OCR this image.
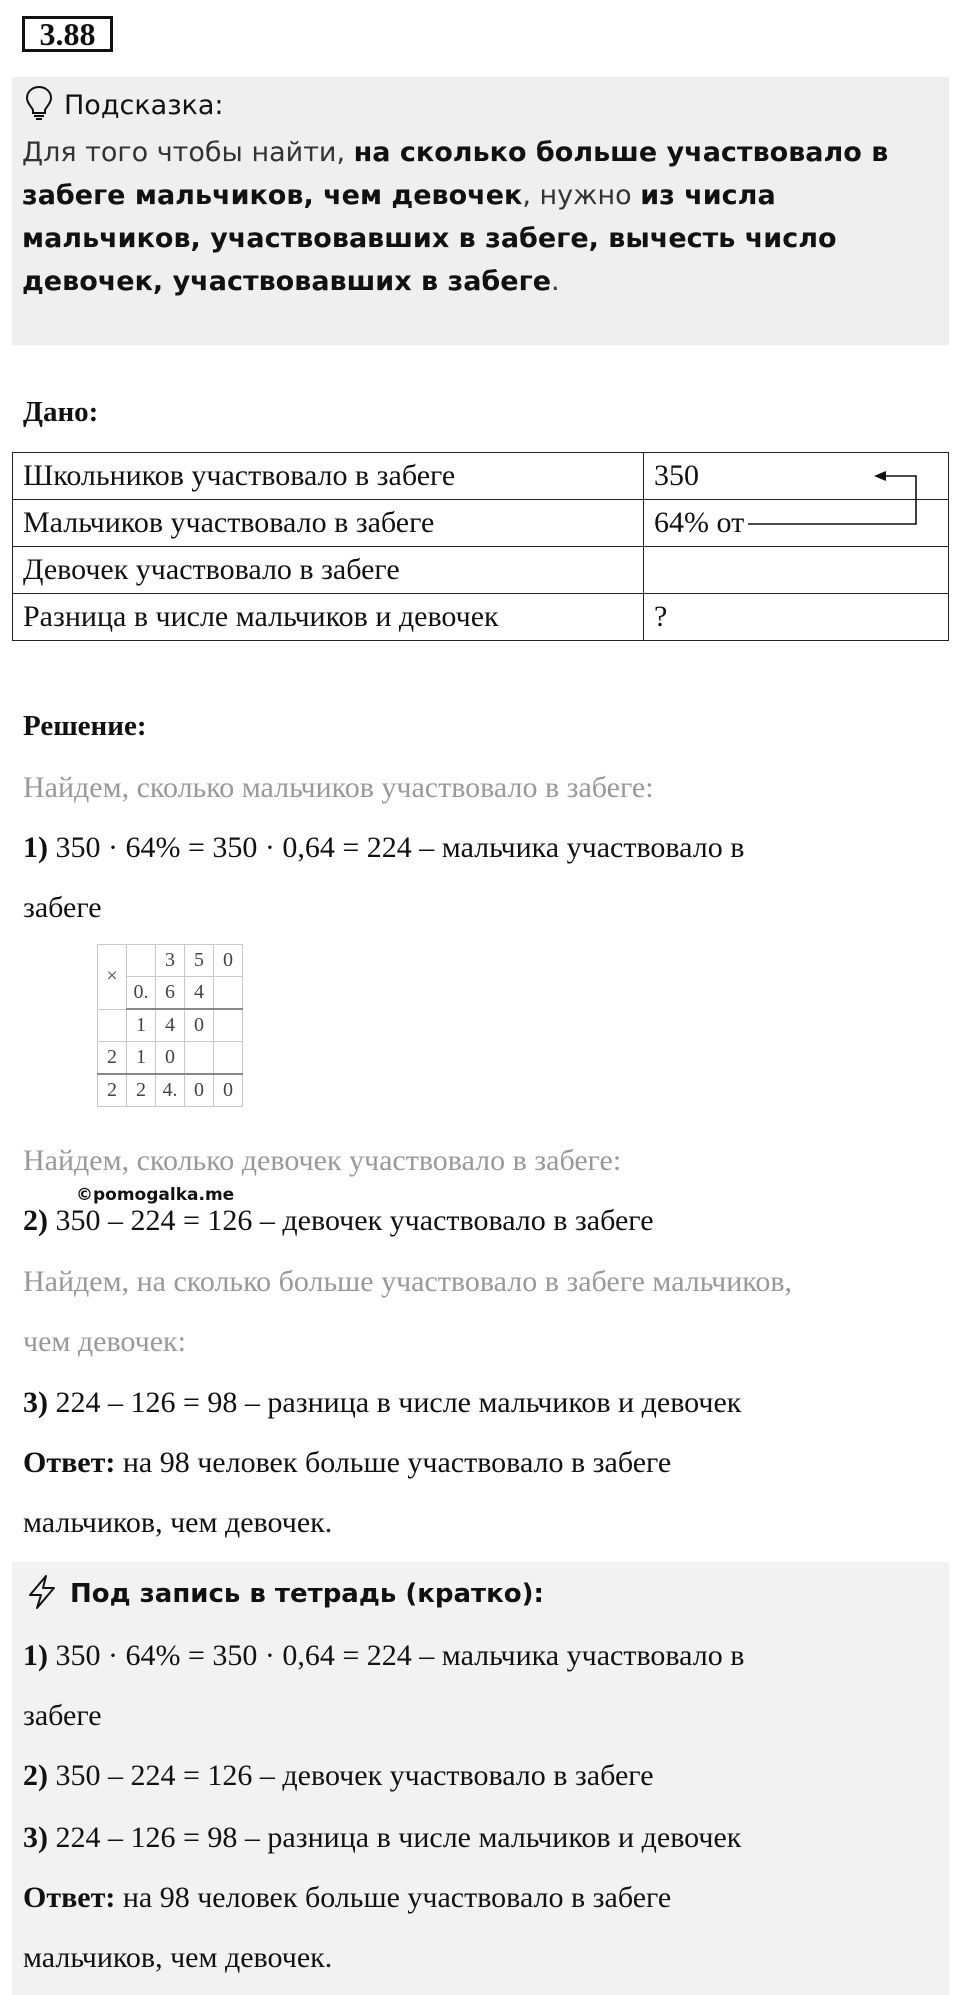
3.88
Подсказка:
Для того чтобы найти, на сколько больше участвовало в забеге мальчиков, чем девочек, нужно из числа мальчиков, участвовавших в забеге, вычесть число девочек, участвовавших в забеге.
Дано:
Школьников участвовало в забеге	350
Мальчиков участвовало в забеге	64% от
Девочек участвовало в забеге	
Разница в числе мальчиков и девочек	?
Решение:
Найдем, сколько мальчиков участвовало в забеге:
1) 350 · 64% = 350 · 0,64 = 224 – мальчика участвовало в
забеге
×		3	5	0
	0.	6	4	
	1	4	0	
2	1	0		
2	2	4.	0	0
Найдем, сколько девочек участвовало в забеге:
©pomogalka.me
2) 350 – 224 = 126 – девочек участвовало в забеге
Найдем, на сколько больше участвовало в забеге мальчиков,
чем девочек:
3) 224 – 126 = 98 – разница в числе мальчиков и девочек
Ответ: на 98 человек больше участвовало в забеге
мальчиков, чем девочек.
Под запись в тетрадь (кратко):
1) 350 · 64% = 350 · 0,64 = 224 – мальчика участвовало в
забеге
2) 350 – 224 = 126 – девочек участвовало в забеге
3) 224 – 126 = 98 – разница в числе мальчиков и девочек
Ответ: на 98 человек больше участвовало в забеге
мальчиков, чем девочек.
